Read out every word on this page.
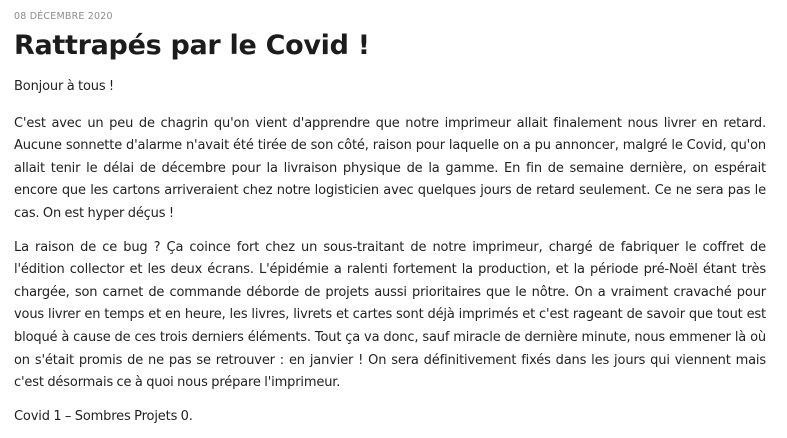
08 DÉCEMBRE 2020
Rattrapés par le Covid !

Bonjour à tous !

C'est avec un peu de chagrin qu'on vient d'apprendre que notre imprimeur allait finalement nous livrer en retard. Aucune sonnette d'alarme n'avait été tirée de son côté, raison pour laquelle on a pu annoncer, malgré le Covid, qu'on allait tenir le délai de décembre pour la livraison physique de la gamme. En fin de semaine dernière, on espérait encore que les cartons arriveraient chez notre logisticien avec quelques jours de retard seulement. Ce ne sera pas le cas. On est hyper déçus !

La raison de ce bug ? Ça coince fort chez un sous-traitant de notre imprimeur, chargé de fabriquer le coffret de l'édition collector et les deux écrans. L'épidémie a ralenti fortement la production, et la période pré-Noël étant très chargée, son carnet de commande déborde de projets aussi prioritaires que le nôtre. On a vraiment cravaché pour vous livrer en temps et en heure, les livres, livrets et cartes sont déjà imprimés et c'est rageant de savoir que tout est bloqué à cause de ces trois derniers éléments. Tout ça va donc, sauf miracle de dernière minute, nous emmener là où on s'était promis de ne pas se retrouver : en janvier ! On sera définitivement fixés dans les jours qui viennent mais c'est désormais ce à quoi nous prépare l'imprimeur.

Covid 1 – Sombres Projets 0.
